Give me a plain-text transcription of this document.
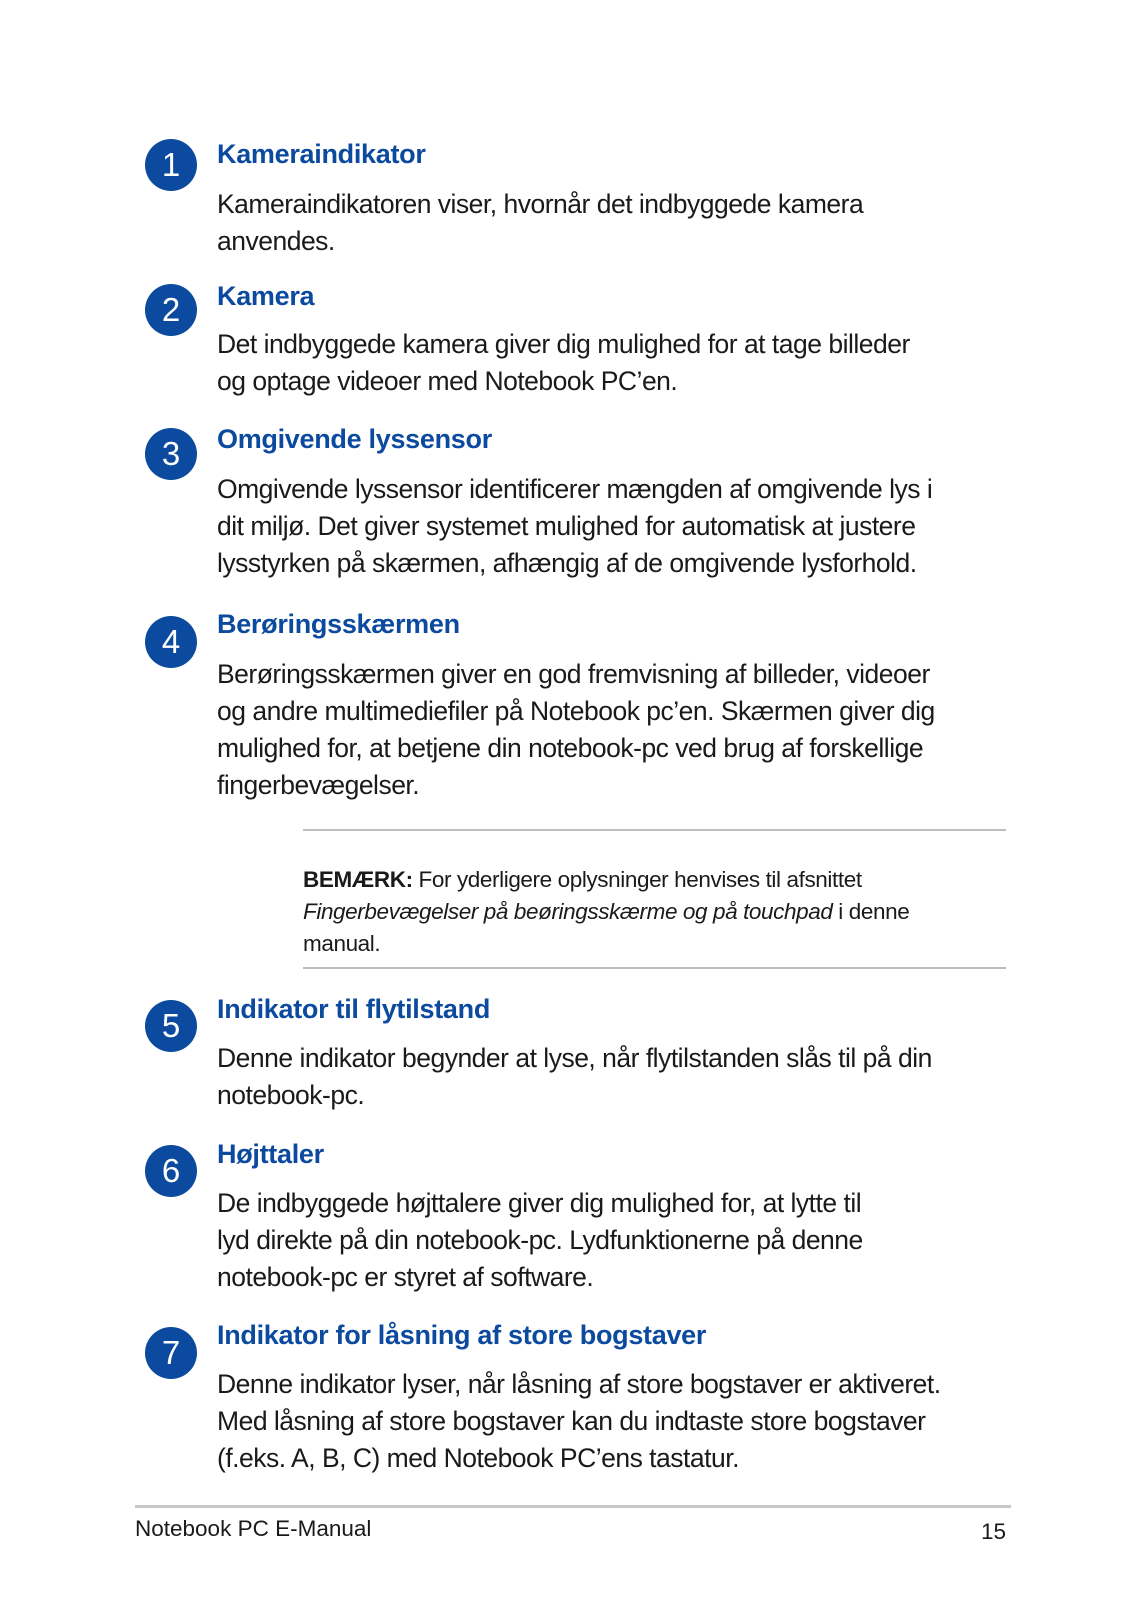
1	Kameraindikator

Kameraindikatoren viser, hvornår det indbyggede kamera
anvendes.

2	Kamera

Det indbyggede kamera giver dig mulighed for at tage billeder
og optage videoer med Notebook PC’en.

3	Omgivende lyssensor

Omgivende lyssensor identificerer mængden af omgivende lys i
dit miljø. Det giver systemet mulighed for automatisk at justere
lysstyrken på skærmen, afhængig af de omgivende lysforhold.

4	Berøringsskærmen

Berøringsskærmen giver en god fremvisning af billeder, videoer
og andre multimediefiler på Notebook pc’en. Skærmen giver dig
mulighed for, at betjene din notebook-pc ved brug af forskellige
fingerbevægelser.

BEMÆRK: For yderligere oplysninger henvises til afsnittet
Fingerbevægelser på beøringsskærme og på touchpad i denne
manual.
5	Indikator til flytilstand

Denne indikator begynder at lyse, når flytilstanden slås til på din
notebook-pc.

6	Højttaler

De indbyggede højttalere giver dig mulighed for, at lytte til
lyd direkte på din notebook-pc. Lydfunktionerne på denne
notebook-pc er styret af software.

7	Indikator for låsning af store bogstaver

Denne indikator lyser, når låsning af store bogstaver er aktiveret.
Med låsning af store bogstaver kan du indtaste store bogstaver
(f.eks. A, B, C) med Notebook PC’ens tastatur.

Notebook PC E-Manual	15
